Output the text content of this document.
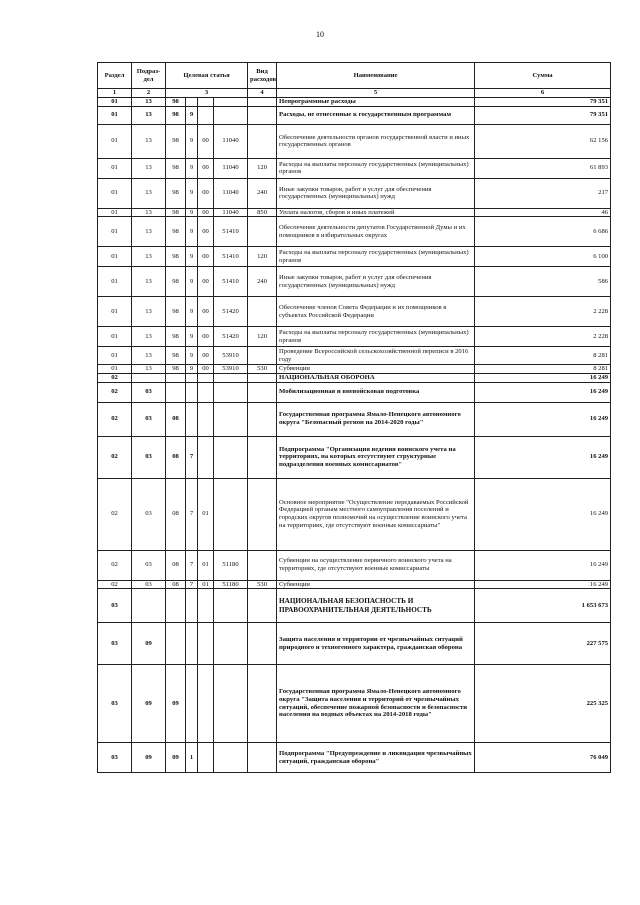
10
Раздел	Подраз-дел	Целевая статья				Вид расходов	Наименование	Сумма
1	2	3				4	5	6
01	13	98					Непрограммные расходы	79 351
01	13	98	9				Расходы, не отнесенные к государственным программам	79 351
01	13	98	9	00	11040		Обеспечение деятельности органов государственной власти и иных государственных органов	62 156
01	13	98	9	00	11040	120	Расходы на выплаты персоналу государственных (муниципальных) органов	61 893
01	13	98	9	00	11040	240	Иные закупки товаров, работ и услуг для обеспечения государственных (муниципальных) нужд	217
01	13	98	9	00	11040	850	Уплата налогов, сборов и иных платежей	46
01	13	98	9	00	51410		Обеспечение деятельности депутатов Государственной Думы и их помощников в избирательных округах	6 686
01	13	98	9	00	51410	120	Расходы на выплаты персоналу государственных (муниципальных) органов	6 100
01	13	98	9	00	51410	240	Иные закупки товаров, работ и услуг для обеспечения государственных (муниципальных) нужд	586
01	13	98	9	00	51420		Обеспечение членов Совета Федерации и их помощников в субъектах Российской Федерации	2 228
01	13	98	9	00	51420	120	Расходы на выплаты персоналу государственных (муниципальных) органов	2 228
01	13	98	9	00	53910		Проведение Всероссийской сельскохозяйственной переписи в 2016 году	8 281
01	13	98	9	00	53910	530	Субвенции	8 281
02							НАЦИОНАЛЬНАЯ ОБОРОНА	16 249
02	03						Мобилизационная и вневойсковая подготовка	16 249
02	03	08					Государственная программа Ямало-Ненецкого автономного округа "Безопасный регион на 2014-2020 годы"	16 249
02	03	08	7				Подпрограмма "Организация ведения воинского учета на территориях, на которых отсутствуют структурные подразделения военных комиссариатов"	16 249
02	03	08	7	01			Основное мероприятие "Осуществление передаваемых Российской Федерацией органам местного самоуправления поселений и городских округов полномочий на осуществление воинского учета на территориях, где отсутствуют военные комиссариаты"	16 249
02	03	08	7	01	51180		Субвенции на осуществление первичного воинского учета на территориях, где отсутствуют военные комиссариаты	16 249
02	03	08	7	01	51180	530	Субвенции	16 249
03							НАЦИОНАЛЬНАЯ БЕЗОПАСНОСТЬ И ПРАВООХРАНИТЕЛЬНАЯ ДЕЯТЕЛЬНОСТЬ	1 653 673
03	09						Защита населения и территории от чрезвычайных ситуаций природного и техногенного характера, гражданская оборона	227 575
03	09	09					Государственная программа Ямало-Ненецкого автономного округа "Защита населения и территорий от чрезвычайных ситуаций, обеспечение пожарной безопасности и безопасности населения на водных объектах на 2014-2018 годы"	225 325
03	09	09	1				Подпрограмма "Предупреждение и ликвидация чрезвычайных ситуаций, гражданская оборона"	76 049
